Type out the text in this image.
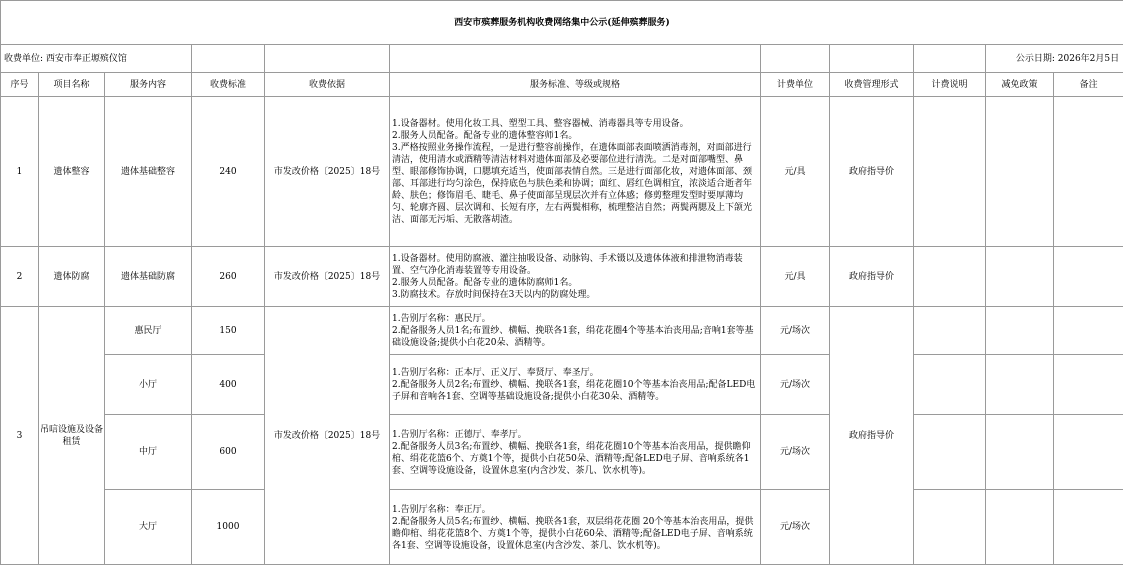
西安市殡葬服务机构收费网络集中公示(延伸殡葬服务)										
收费单位: 西安市奉正塬殡仪馆									公示日期: 2026年2月5日	
序号	项目名称	服务内容	收费标准	收费依据	服务标准、等级或规格	计费单位	收费管理形式	计费说明	减免政策	备注
1	遗体整容	遗体基础整容	240	市发改价格〔2025〕18号	1.设备器材。使用化妆工具、塑型工具、整容器械、消毒器具等专用设备。
2.服务人员配备。配备专业的遗体整容师1名。
3.严格按照业务操作流程，一是进行整容前操作，在遗体面部表面喷洒消毒剂，对面部进行清洁，使用清水或酒精等清洁材料对遗体面部及必要部位进行清洗。二是对面部嘴型、鼻型、眼部修饰协调，口腮填充适当，使面部表情自然。三是进行面部化妆，对遗体面部、颈部、耳部进行均匀涂色，保持底色与肤色柔和协调；面红、唇红色调相宜，浓淡适合逝者年龄、肤色；修饰眉毛、睫毛、鼻子使面部呈现层次并有立体感；修剪整理发型时要厚薄均匀、轮廓齐圆、层次调和、长短有序，左右两鬓相称，梳理整洁自然；两鬓两腮及上下颌光洁、面部无污垢、无散落胡渣。	元/具	政府指导价			
2	遗体防腐	遗体基础防腐	260	市发改价格〔2025〕18号	1.设备器材。使用防腐液、灌注抽吸设备、动脉钩、手术镊以及遗体体液和排泄物消毒装置、空气净化消毒装置等专用设备。
2.服务人员配备。配备专业的遗体防腐师1名。
3.防腐技术。存放时间保持在3天以内的防腐处理。	元/具	政府指导价			
3	吊唁设施及设备租赁	惠民厅	150	市发改价格〔2025〕18号	1.告别厅名称：惠民厅。
2.配备服务人员1名;布置纱、横幅、挽联各1套，绢花花圈4个等基本治丧用品;音响1套等基础设施设备;提供小白花20朵、酒精等。	元/场次	政府指导价			
		小厅	400		1.告别厅名称：正本厅、正义厅、奉贤厅、奉圣厅。
2.配备服务人员2名;布置纱、横幅、挽联各1套，绢花花圈10个等基本治丧用品;配备LED电子屏和音响各1套、空调等基础设施设备;提供小白花30朵、酒精等。	元/场次				
		中厅	600		1.告别厅名称：正德厅、奉孝厅。
2.配备服务人员3名;布置纱、横幅、挽联各1套，绢花花圈10个等基本治丧用品，提供瞻仰棺、绢花花篮6个、方奠1个等，提供小白花50朵、酒精等;配备LED电子屏、音响系统各1套、空调等设施设备，设置休息室(内含沙发、茶几、饮水机等)。	元/场次				
		大厅	1000		1.告别厅名称：奉正厅。
2.配备服务人员5名;布置纱、横幅、挽联各1套，双层绢花花圈 20个等基本治丧用品，提供瞻仰棺、绢花花篮8个、方奠1个等，提供小白花60朵、酒精等;配备LED电子屏、音响系统各1套、空调等设施设备，设置休息室(内含沙发、茶几、饮水机等)。	元/场次				
